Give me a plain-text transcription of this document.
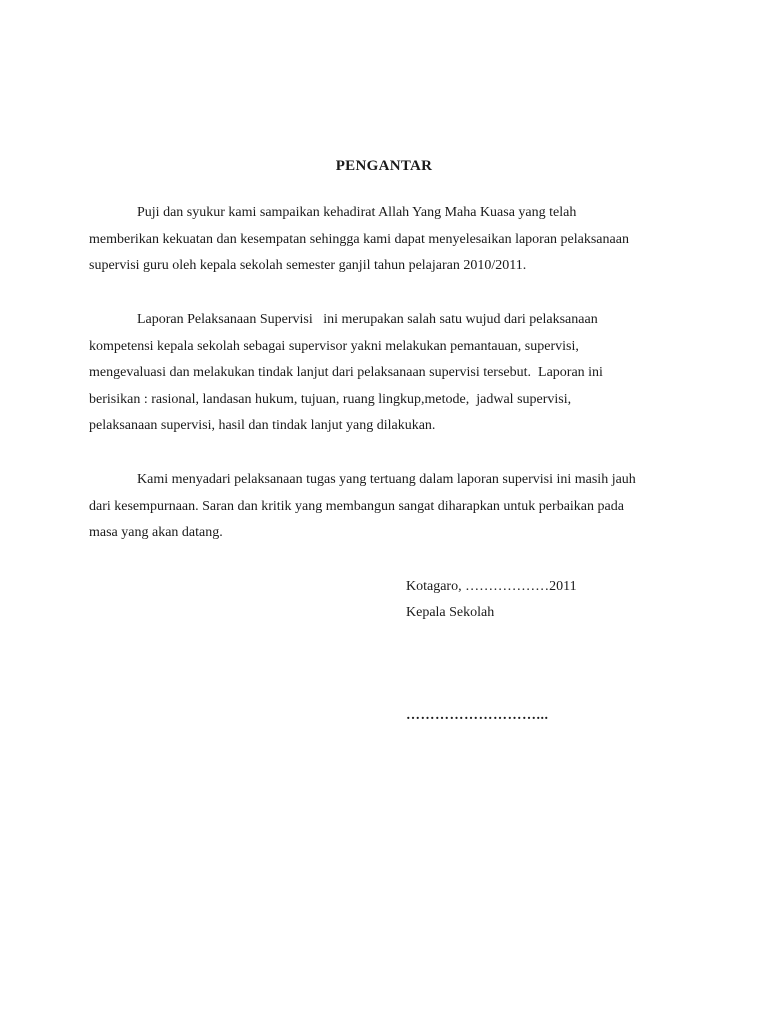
PENGANTAR

Puji dan syukur kami sampaikan kehadirat Allah Yang Maha Kuasa yang telah

memberikan kekuatan dan kesempatan sehingga kami dapat menyelesaikan laporan pelaksanaan

supervisi guru oleh kepala sekolah semester ganjil tahun pelajaran 2010/2011.

Laporan Pelaksanaan Supervisi   ini merupakan salah satu wujud dari pelaksanaan

kompetensi kepala sekolah sebagai supervisor yakni melakukan pemantauan, supervisi,

mengevaluasi dan melakukan tindak lanjut dari pelaksanaan supervisi tersebut.  Laporan ini

berisikan : rasional, landasan hukum, tujuan, ruang lingkup,metode,  jadwal supervisi,

pelaksanaan supervisi, hasil dan tindak lanjut yang dilakukan.

Kami menyadari pelaksanaan tugas yang tertuang dalam laporan supervisi ini masih jauh

dari kesempurnaan. Saran dan kritik yang membangun sangat diharapkan untuk perbaikan pada

masa yang akan datang.

Kotagaro, ………………2011
Kepala Sekolah
………………………...
